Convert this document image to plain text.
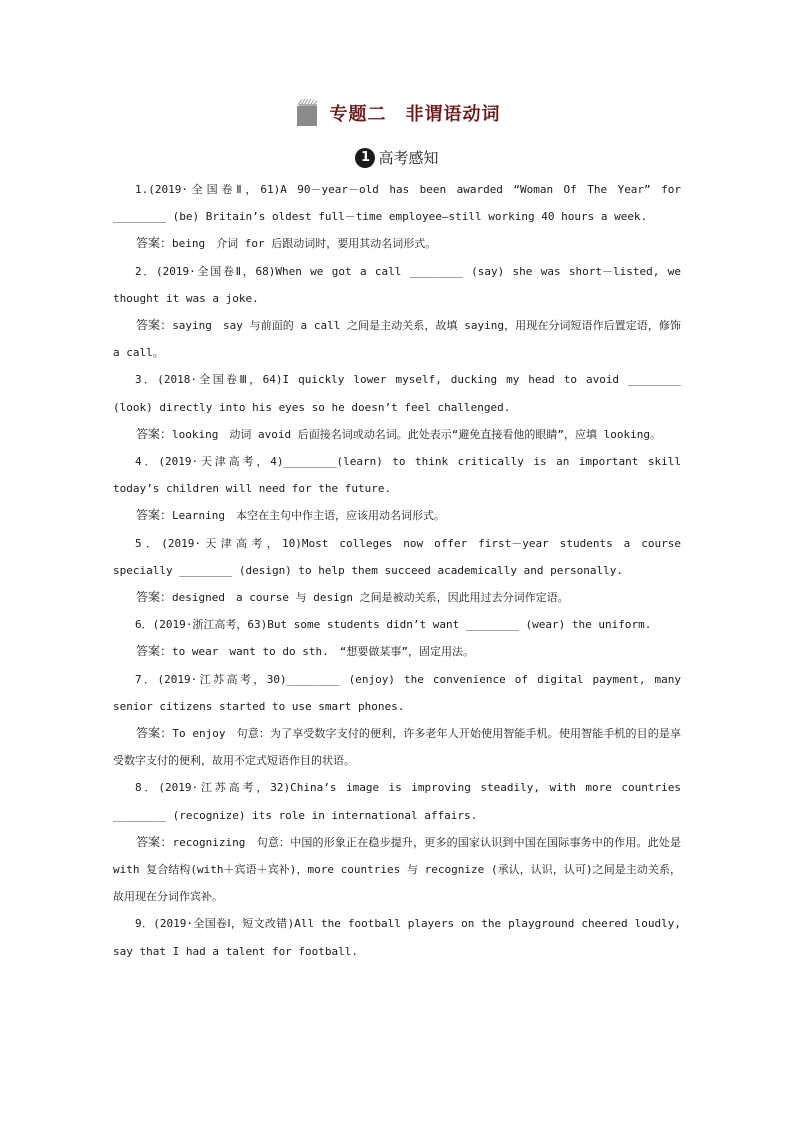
专题二　非谓语动词
1 高考感知

1.(2019·全国卷Ⅱ，61)A 90－year－old has been awarded “Woman Of The Year” for ________ (be) Britain’s oldest full－time employee—still working 40 hours a week.

答案：being　介词 for 后跟动词时，要用其动名词形式。

2．(2019·全国卷Ⅱ，68)When we got a call ________ (say) she was short－listed, we thought it was a joke.

答案：saying　say 与前面的 a call 之间是主动关系，故填 saying，用现在分词短语作后置定语，修饰 a call。

3．(2018·全国卷Ⅲ，64)I quickly lower myself, ducking my head to avoid ________ (look) directly into his eyes so he doesn’t feel challenged.

答案：looking　动词 avoid 后面接名词或动名词。此处表示“避免直接看他的眼睛”，应填 looking。

4．(2019·天津高考，4)________(learn) to think critically is an important skill today’s children will need for the future.

答案：Learning　本空在主句中作主语，应该用动名词形式。

5．(2019·天津高考，10)Most colleges now offer first－year students a course specially ________ (design) to help them succeed academically and personally.

答案：designed　a course 与 design 之间是被动关系，因此用过去分词作定语。

6．(2019·浙江高考，63)But some students didn’t want ________ (wear) the uniform.

答案：to wear　want to do sth.　“想要做某事”，固定用法。

7．(2019·江苏高考，30)________ (enjoy) the convenience of digital payment, many senior citizens started to use smart phones.

答案：To enjoy　句意：为了享受数字支付的便利，许多老年人开始使用智能手机。使用智能手机的目的是享受数字支付的便利，故用不定式短语作目的状语。

8．(2019·江苏高考，32)China’s image is improving steadily, with more countries ________ (recognize) its role in international affairs.

答案：recognizing　句意：中国的形象正在稳步提升，更多的国家认识到中国在国际事务中的作用。此处是 with 复合结构(with＋宾语＋宾补)，more countries 与 recognize (承认，认识，认可)之间是主动关系，故用现在分词作宾补。

9．(2019·全国卷Ⅰ，短文改错)All the football players on the playground cheered loudly, say that I had a talent for football.
